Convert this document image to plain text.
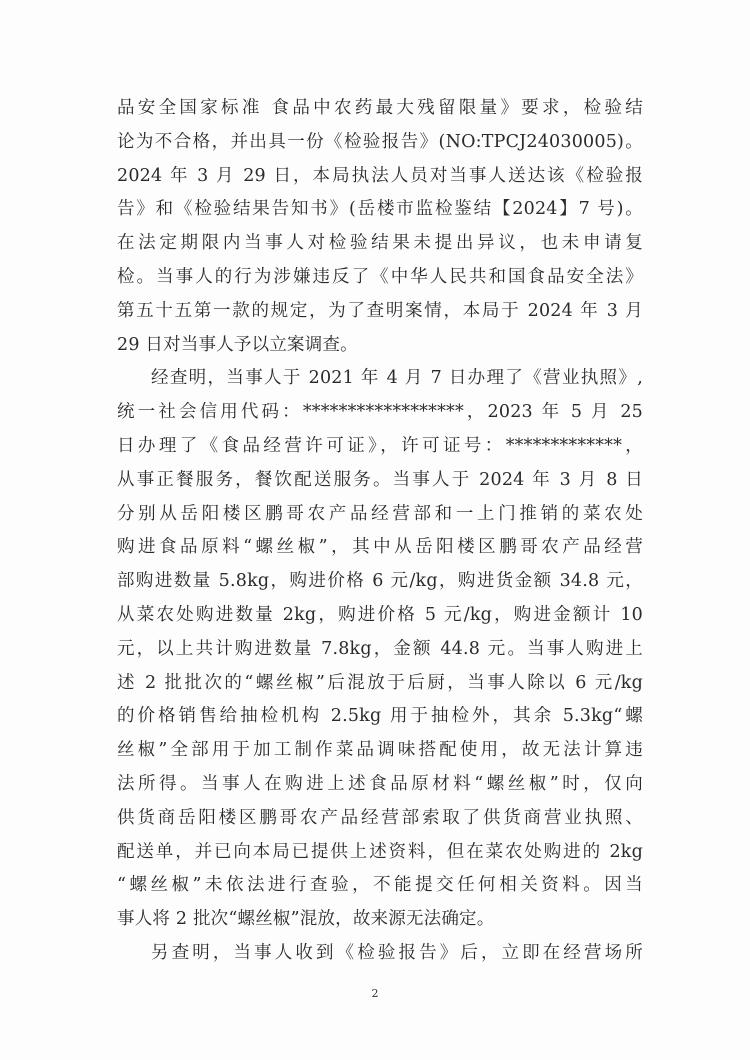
品安全国家标准 食品中农药最大残留限量》要求，检验结
论为不合格，并出具一份《检验报告》(NO:TPCJ24030005)。
2024 年 3 月 29 日，本局执法人员对当事人送达该《检验报
告》和《检验结果告知书》(岳楼市监检鉴结【2024】7 号)。
在法定期限内当事人对检验结果未提出异议，也未申请复
检。当事人的行为涉嫌违反了《中华人民共和国食品安全法》
第五十五第一款的规定，为了查明案情，本局于 2024 年 3 月
29 日对当事人予以立案调查。
经查明，当事人于 2021 年 4 月 7 日办理了《营业执照》,
统一社会信用代码：******************，2023 年 5 月 25
日办理了《食品经营许可证》，许可证号：*************，
从事正餐服务，餐饮配送服务。当事人于 2024 年 3 月 8 日
分别从岳阳楼区鹏哥农产品经营部和一上门推销的菜农处
购进食品原料“螺丝椒”，其中从岳阳楼区鹏哥农产品经营
部购进数量 5.8kg，购进价格 6 元/kg，购进货金额 34.8 元，
从菜农处购进数量 2kg，购进价格 5 元/kg，购进金额计 10
元，以上共计购进数量 7.8kg，金额 44.8 元。当事人购进上
述 2 批批次的“螺丝椒”后混放于后厨，当事人除以 6 元/kg
的价格销售给抽检机构 2.5kg 用于抽检外，其余 5.3kg“螺
丝椒”全部用于加工制作菜品调味搭配使用，故无法计算违
法所得。当事人在购进上述食品原材料“螺丝椒”时，仅向
供货商岳阳楼区鹏哥农产品经营部索取了供货商营业执照、
配送单，并已向本局已提供上述资料，但在菜农处购进的 2kg
“螺丝椒”未依法进行查验，不能提交任何相关资料。因当
事人将 2 批次“螺丝椒”混放，故来源无法确定。
另查明，当事人收到《检验报告》后，立即在经营场所
2
